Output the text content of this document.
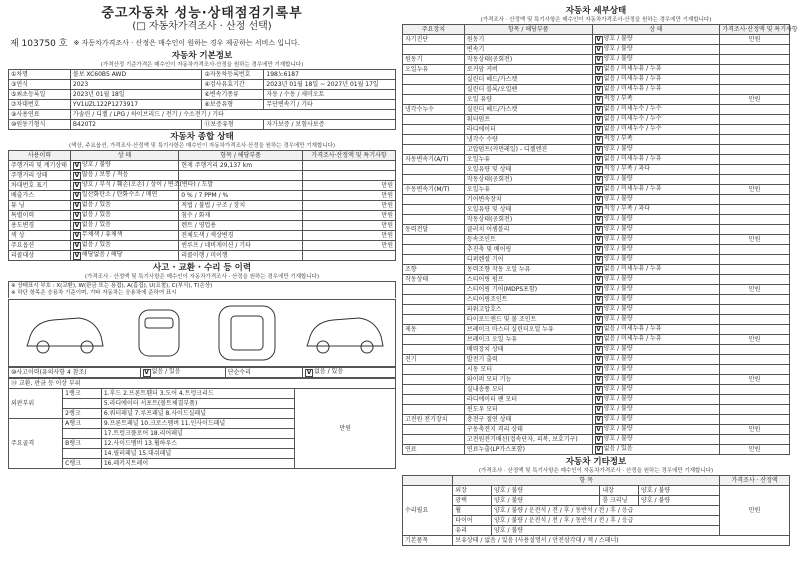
중고자동차 성능·상태점검기록부
(□ 자동차가격조사 · 산정 선택)
제 103750 호 ※ 자동차가격조사 · 산정은 매수인이 원하는 경우 제공하는 서비스 입니다.
자동차 기본정보
(가격산정 기준가격은 매수인이 자동차가격조사·산정을 원하는 경우에만 기재합니다)
①차명	볼보 XC60B5 AWD	②자동차등록번호	198노6187
③연식	2023	④검사유효기간	2023년 01월 18일 ~ 2027년 01월 17일
⑤최초등록일	2023년 01월 18일	⑥변속기종류	자동 / 수동 / 세미오토
⑦차대번호	YV1UZL122P1273917	⑧보증유형	무단변속기 / 기타
⑨사용연료	가솔린 / 디젤 / LPG / 하이브리드 / 전기 / 수소전기 / 기타		
⑩원동기형식	B420T2	⑪보증유형	자가보증 / 보험사보증
자동차 종합 상태
(색상, 주요옵션, 가격조사·산정액 및 특기사항은 매수인이 자동차가격조사·산정을 원하는 경우에만 기재합니다)
사용이력	상 태	항목 / 해당부품	가격조사·산정액 및 특기사항
주행거리 및 계기상태	V양호 / 불량	현재 주행거리 29,137 km	
주행거리 상태	V많음 / 보통 / 적음		
차대번호 표기	V양호 / 부식 / 훼손(오손) / 상이 / 변조(변타) / 도말		만원
배출가스	V일산화탄소 / 탄화수소 / 매연	0 % / 7 PPM / %	만원
튜 닝	V없음 / 있음	적법 / 불법 / 구조 / 장치	만원
특별이력	V없음 / 있음	침수 / 화재	만원
용도변경	V없음 / 있음	렌트 / 영업용	만원
색 상	V무채색 / 유채색	전체도색 / 색상변경	만원
주요옵션	V없음 / 있음	썬루프 / 네비게이션 / 기타	만원
리콜대상	V해당없음 / 해당	리콜이행 / 미이행	
사고 · 교환 · 수리 등 이력
(가격조사 · 산정액 및 특기사항은 매수인이 자동차가격조사 · 산정을 원하는 경우에만 기재합니다)
※ 상태표시 부호 : X(교환), W(판금 또는 용접), A(흠집), U(요철), C(부식), T(손상)
※ 하단 항목은 승용차 기준이며, 기타 자동차는 승용차에 준하여 표시
⑩사고이력(유의사항 4 참조)	V없음 / 있음	단순수리	V없음 / 있음
⑬ 교환, 판금 등 이상 부위			
외판부위	1랭크	1.후드 2.프론트휀더 3.도어 4.트렁크리드	만원
		5.라디에이터 서포트(볼트체결부품)	
	2랭크	6.쿼터패널 7.루프패널 8.사이드실패널	
주요골격	A랭크	9.프론트패널 10.크로스멤버 11.인사이드패널	
		17.트렁크플로어 18.리어패널	
	B랭크	12.사이드멤버 13.휠하우스	
		14.필러패널 15.대쉬패널	
	C랭크	16.패키지트레이	
자동차 세부상태
(가격조사 · 산정액 및 특기사항은 매수인이 자동차가격조사·산정을 원하는 경우에만 기재합니다)
주요장치	항목 / 해당부품	상 태	가격조사·산정액 및 특기사항
자기진단	원동기	V양호 / 불량	만원
	변속기	V양호 / 불량	
원동기	작동상태(공회전)	V양호 / 불량	
오일누유	로커암 커버	V없음 / 미세누유 / 누유	
	실린더 헤드/가스켓	V없음 / 미세누유 / 누유	
	실린더 블록/오일팬	V없음 / 미세누유 / 누유	
	오일 유량	V적정 / 부족	만원
냉각수누수	실린더 헤드/가스켓	V없음 / 미세누수 / 누수	
	워터펌프	V없음 / 미세누수 / 누수	
	라디에이터	V없음 / 미세누수 / 누수	
	냉각수 수량	V적정 / 부족	
	고압펌프(커먼레일) - 디젤엔진	V양호 / 불량	
자동변속기(A/T)	오일누유	V없음 / 미세누유 / 누유	
	오일유량 및 상태	V적정 / 부족 / 과다	
	작동상태(공회전)	V양호 / 불량	
수동변속기(M/T)	오일누유	V없음 / 미세누유 / 누유	만원
	기어변속장치	V양호 / 불량	
	오일유량 및 상태	V적정 / 부족 / 과다	
	작동상태(공회전)	V양호 / 불량	
동력전달	클러치 어셈블리	V양호 / 불량	
	등속조인트	V양호 / 불량	만원
	추진축 및 베어링	V양호 / 불량	
	디퍼렌셜 기어	V양호 / 불량	
조향	동력조향 작동 오일 누유	V없음 / 미세누유 / 누유	
작동상태	스티어링 펌프	V양호 / 불량	
	스티어링 기어(MDPS포함)	V양호 / 불량	만원
	스티어링조인트	V양호 / 불량	
	파워고압호스	V양호 / 불량	
	타이로드엔드 및 볼 조인트	V양호 / 불량	
제동	브레이크 마스터 실린더오일 누유	V없음 / 미세누유 / 누유	
	브레이크 오일 누유	V없음 / 미세누유 / 누유	만원
	배력장치 상태	V양호 / 불량	
전기	발전기 출력	V양호 / 불량	
	시동 모터	V양호 / 불량	
	와이퍼 모터 기능	V양호 / 불량	만원
	실내송풍 모터	V양호 / 불량	
	라디에이터 팬 모터	V양호 / 불량	
	윈도우 모터	V양호 / 불량	
고전원 전기장치	충전구 절연 상태	V양호 / 불량	
	구동축전지 격리 상태	V양호 / 불량	만원
	고전원전기배선(접속단자, 피복, 보호기구)	V양호 / 불량	
연료	연료누출(LP가스포함)	V없음 / 있음	만원
자동차 기타정보
(가격조사 · 산정액 및 특기사항은 매수인이 자동차가격조사 · 산정을 원하는 경우에만 기재합니다)
	항 목				가격조사 · 산정액
수리필요	외장	양호 / 불량	내장	양호 / 불량	만원
	광택	양호 / 불량	룸 크리닝	양호 / 불량	
	휠	양호 / 불량 / 운전석 / 전 / 후 / 동반석 / 전 / 후 / 응급			
	타이어	양호 / 불량 / 운전석 / 전 / 후 / 동반석 / 전 / 후 / 응급			
	유리	양호 / 불량			
기본품목	보유상태 / 없음 / 있음 (사용설명서 / 안전삼각대 / 잭 / 스패너)				
